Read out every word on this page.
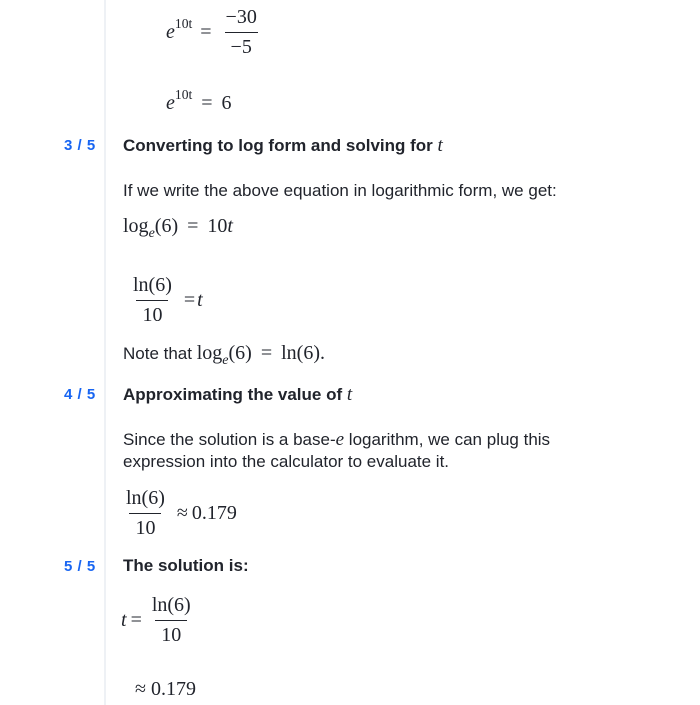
$e^{10t} = \frac{-30}{-5}$
$e^{10t} = 6$
3 / 5 Converting to log form and solving for t
If we write the above equation in logarithmic form, we get:
$\log_e(6) = 10t$
$\frac{\ln(6)}{10} = t$
Note that $\log_e(6) = \ln(6)$.
4 / 5 Approximating the value of t
Since the solution is a base-e logarithm, we can plug this
expression into the calculator to evaluate it.
$\frac{\ln(6)}{10} \approx 0.179$
5 / 5 The solution is:
$t = \frac{\ln(6)}{10}$
≈ 0.179
